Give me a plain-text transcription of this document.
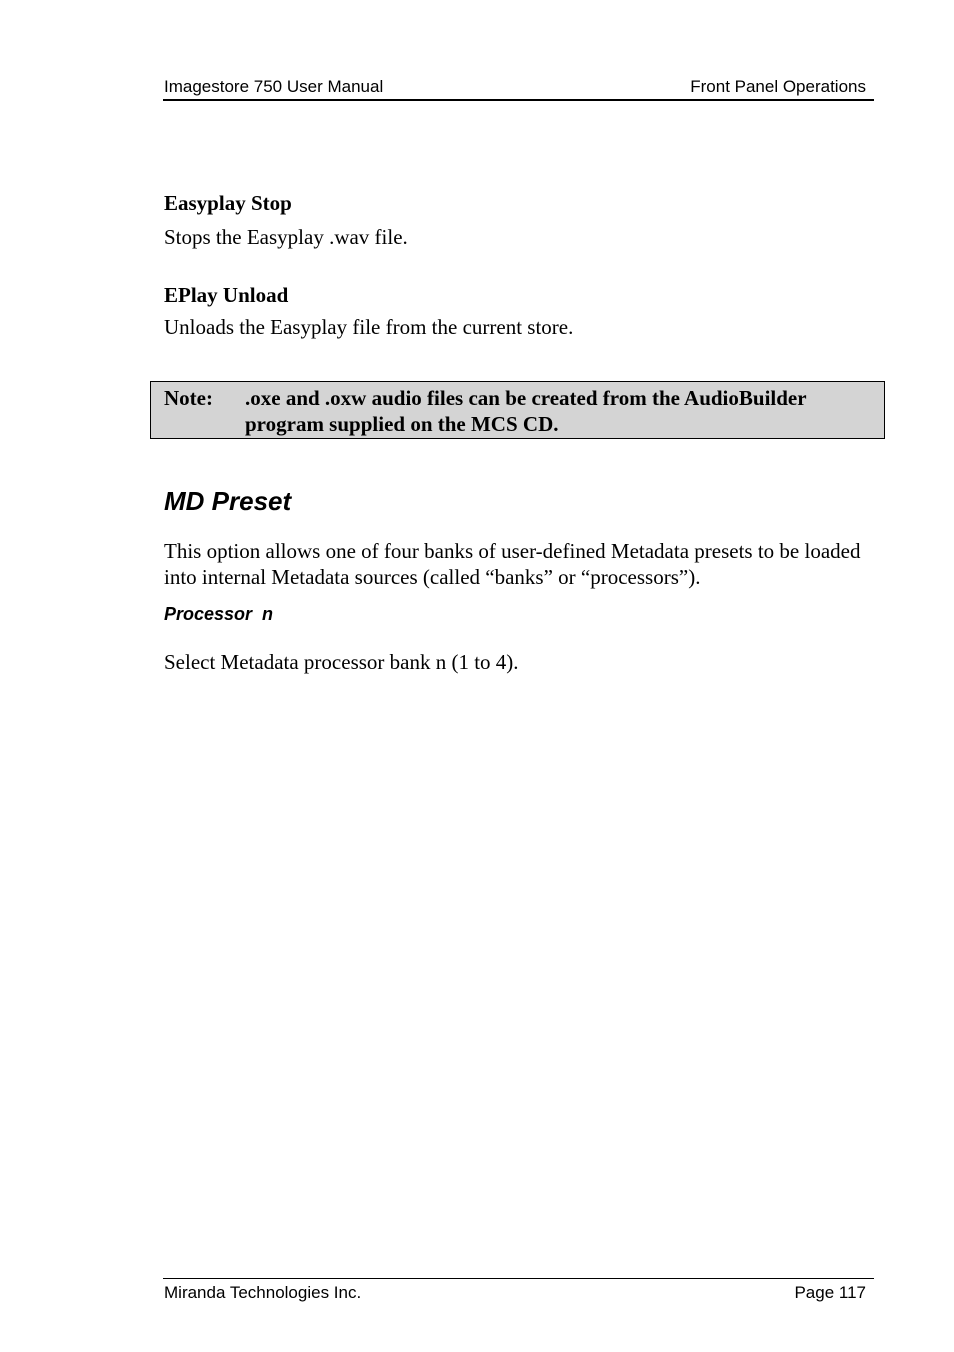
Imagestore 750 User Manual	Front Panel Operations
Easyplay Stop
Stops the Easyplay .wav file.
EPlay Unload
Unloads the Easyplay file from the current store.
Note: .oxe and .oxw audio files can be created from the AudioBuilder program supplied on the MCS CD.
MD Preset
This option allows one of four banks of user-defined Metadata presets to be loaded into internal Metadata sources (called “banks” or “processors”).
Processor  n
Select Metadata processor bank n (1 to 4).
Miranda Technologies Inc.	Page 117
